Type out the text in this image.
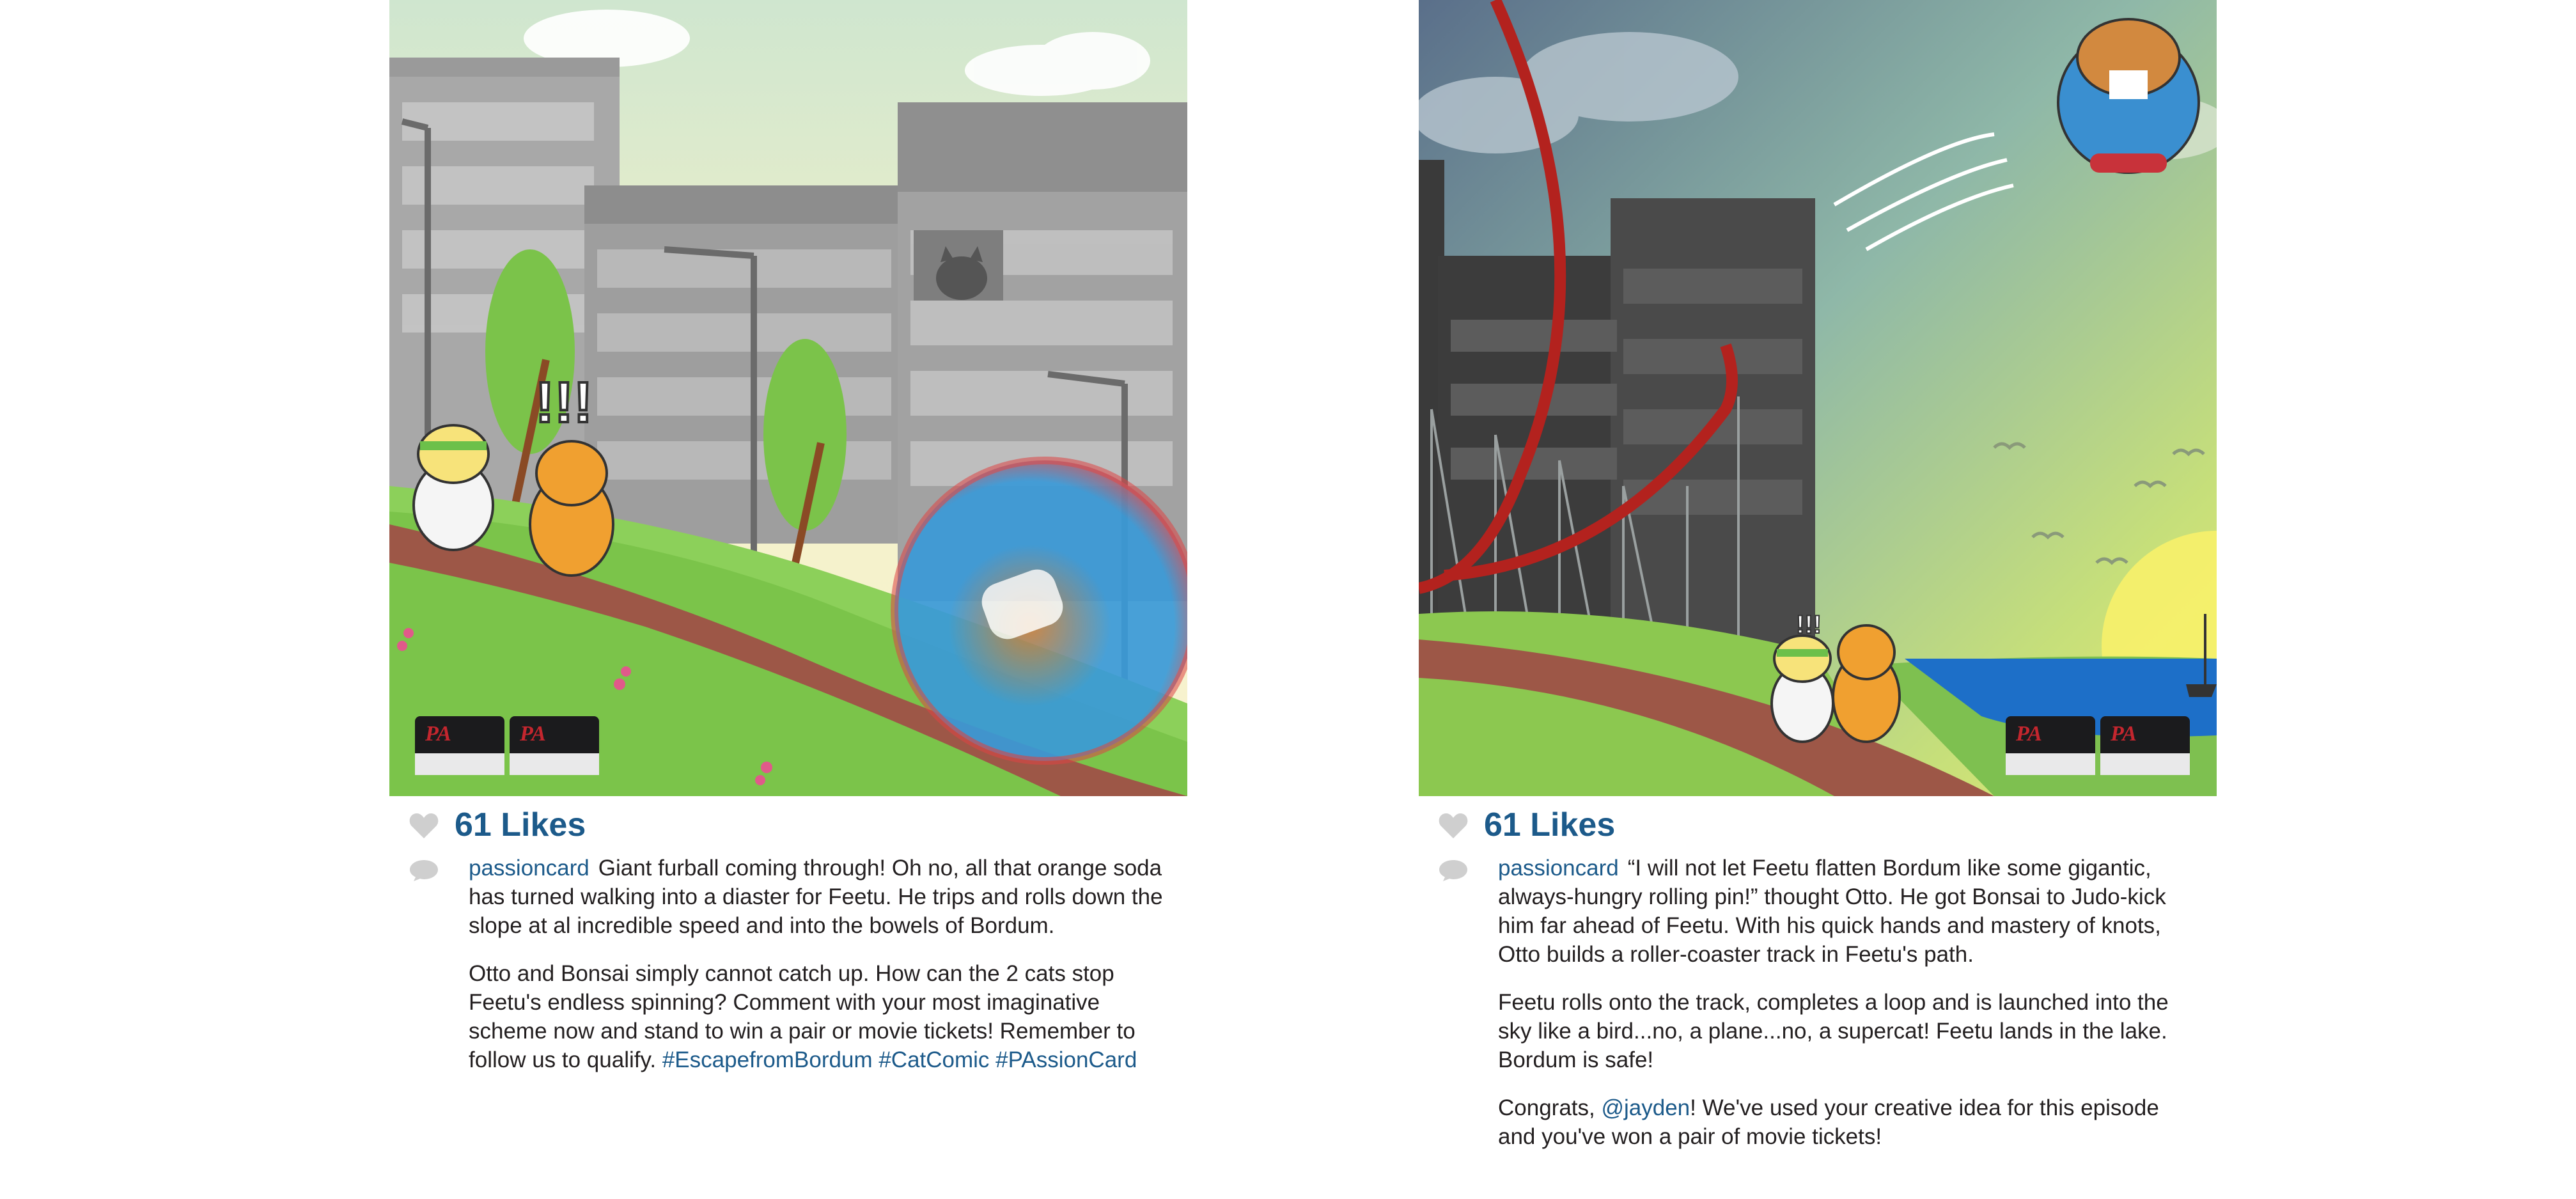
!!!
PA	PA
61 Likes

passioncard Giant furball coming through! Oh no, all that orange soda has turned walking into a diaster for Feetu. He trips and rolls down the slope at al incredible speed and into the bowels of Bordum.

Otto and Bonsai simply cannot catch up. How can the 2 cats stop Feetu's endless spinning? Comment with your most imaginative scheme now and stand to win a pair or movie tickets! Remember to follow us to qualify. #EscapefromBordum #CatComic #PAssionCard

!!!
PA	PA
61 Likes

passioncard “I will not let Feetu flatten Bordum like some gigantic, always-hungry rolling pin!” thought Otto. He got Bonsai to Judo-kick him far ahead of Feetu. With his quick hands and mastery of knots, Otto builds a roller-coaster track in Feetu's path.

Feetu rolls onto the track, completes a loop and is launched into the sky like a bird...no, a plane...no, a supercat! Feetu lands in the lake. Bordum is safe!

Congrats, @jayden! We've used your creative idea for this episode and you've won a pair of movie tickets!
